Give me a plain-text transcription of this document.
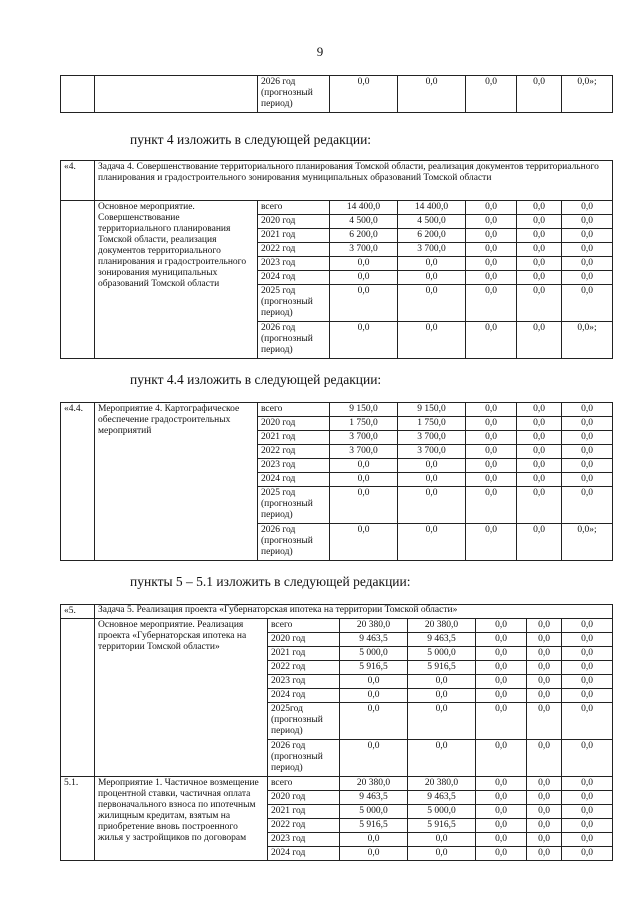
9
		2026 год (прогнозный период)	0,0	0,0	0,0	0,0	0,0»;
пункт 4 изложить в следующей редакции:
«4.	Задача 4. Совершенствование территориального планирования Томской области, реализация документов территориального планирования и градостроительного зонирования муниципальных образований Томской области						
	Основное мероприятие. Совершенствование территориального планирования Томской области, реализация документов территориального планирования и градостроительного зонирования муниципальных образований Томской области	всего	14 400,0	14 400,0	0,0	0,0	0,0
		2020 год	4 500,0	4 500,0	0,0	0,0	0,0
		2021 год	6 200,0	6 200,0	0,0	0,0	0,0
		2022 год	3 700,0	3 700,0	0,0	0,0	0,0
		2023 год	0,0	0,0	0,0	0,0	0,0
		2024 год	0,0	0,0	0,0	0,0	0,0
		2025 год (прогнозный период)	0,0	0,0	0,0	0,0	0,0
		2026 год (прогнозный период)	0,0	0,0	0,0	0,0	0,0»;
пункт 4.4 изложить в следующей редакции:
«4.4.	Мероприятие 4. Картографическое обеспечение градостроительных мероприятий	всего	9 150,0	9 150,0	0,0	0,0	0,0
		2020 год	1 750,0	1 750,0	0,0	0,0	0,0
		2021 год	3 700,0	3 700,0	0,0	0,0	0,0
		2022 год	3 700,0	3 700,0	0,0	0,0	0,0
		2023 год	0,0	0,0	0,0	0,0	0,0
		2024 год	0,0	0,0	0,0	0,0	0,0
		2025 год (прогнозный период)	0,0	0,0	0,0	0,0	0,0
		2026 год (прогнозный период)	0,0	0,0	0,0	0,0	0,0»;
пункты 5 – 5.1 изложить в следующей редакции:
«5.	Задача 5. Реализация проекта «Губернаторская ипотека на территории Томской области»						
	Основное мероприятие. Реализация проекта «Губернаторская ипотека на территории Томской области»	всего	20 380,0	20 380,0	0,0	0,0	0,0
		2020 год	9 463,5	9 463,5	0,0	0,0	0,0
		2021 год	5 000,0	5 000,0	0,0	0,0	0,0
		2022 год	5 916,5	5 916,5	0,0	0,0	0,0
		2023 год	0,0	0,0	0,0	0,0	0,0
		2024 год	0,0	0,0	0,0	0,0	0,0
		2025год (прогнозный период)	0,0	0,0	0,0	0,0	0,0
		2026 год (прогнозный период)	0,0	0,0	0,0	0,0	0,0
5.1.	Мероприятие 1. Частичное возмещение процентной ставки, частичная оплата первоначального взноса по ипотечным жилищным кредитам, взятым на приобретение вновь построенного жилья у застройщиков по договорам	всего	20 380,0	20 380,0	0,0	0,0	0,0
		2020 год	9 463,5	9 463,5	0,0	0,0	0,0
		2021 год	5 000,0	5 000,0	0,0	0,0	0,0
		2022 год	5 916,5	5 916,5	0,0	0,0	0,0
		2023 год	0,0	0,0	0,0	0,0	0,0
		2024 год	0,0	0,0	0,0	0,0	0,0
